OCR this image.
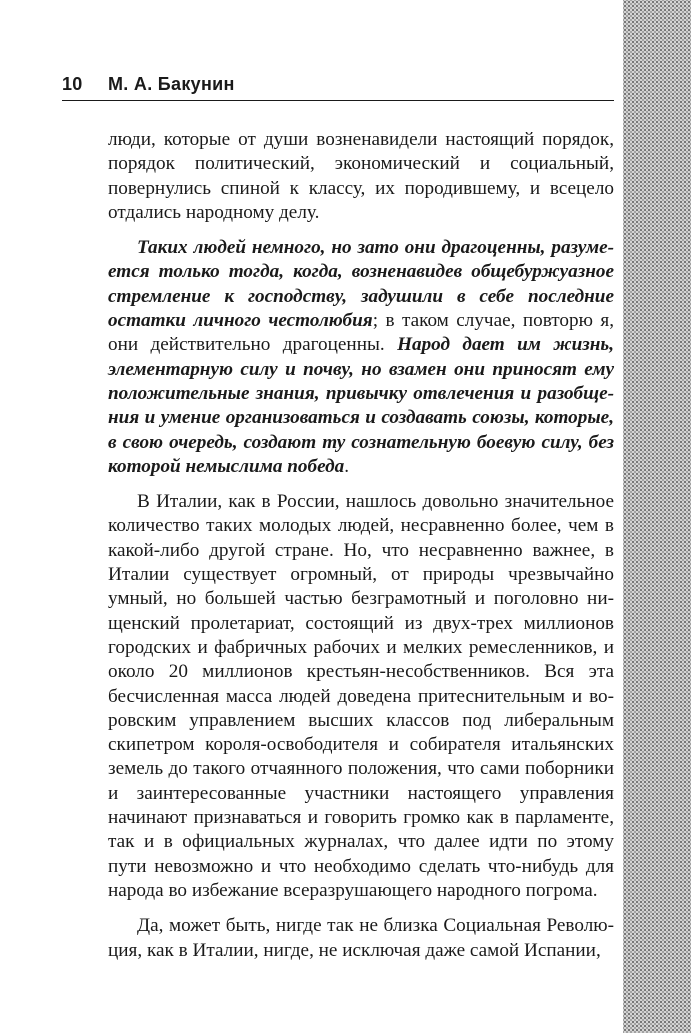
10 М. А. Бакунин

люди, которые от души возненавидели настоящий порядок, порядок политический, экономический и социальный, повернулись спиной к классу, их породившему, и всецело отдались народному делу.

Таких людей немного, но зато они драгоценны, разумеется только тогда, когда, возненавидев общебуржуазное стремление к господству, задушили в себе последние остатки личного честолюбия; в таком случае, повторю я, они действительно драгоценны. Народ дает им жизнь, элементарную силу и почву, но взамен они приносят ему положительные знания, привычку отвлечения и разобщения и умение организоваться и создавать союзы, которые, в свою очередь, создают ту сознательную боевую силу, без которой немыслима победа.

В Италии, как в России, нашлось довольно значительное количество таких молодых людей, несравненно более, чем в какой-либо другой стране. Но, что несравненно важнее, в Италии существует огромный, от природы чрезвычайно умный, но большей частью безграмотный и поголовно нищенский пролетариат, состоящий из двух-трех миллионов городских и фабричных рабочих и мелких ремесленников, и около 20 миллионов крестьян-несобственников. Вся эта бесчисленная масса людей доведена притеснительным и воровским управлением высших классов под либеральным скипетром короля-освободителя и собирателя итальянских земель до такого отчаянного положения, что сами поборники и заинтересованные участники настоящего управления начинают признаваться и говорить громко как в парламенте, так и в официальных журналах, что далее идти по этому пути невозможно и что необходимо сделать что-нибудь для народа во избежание всеразрушающего народного погрома.

Да, может быть, нигде так не близка Социальная Революция, как в Италии, нигде, не исключая даже самой Испании,
